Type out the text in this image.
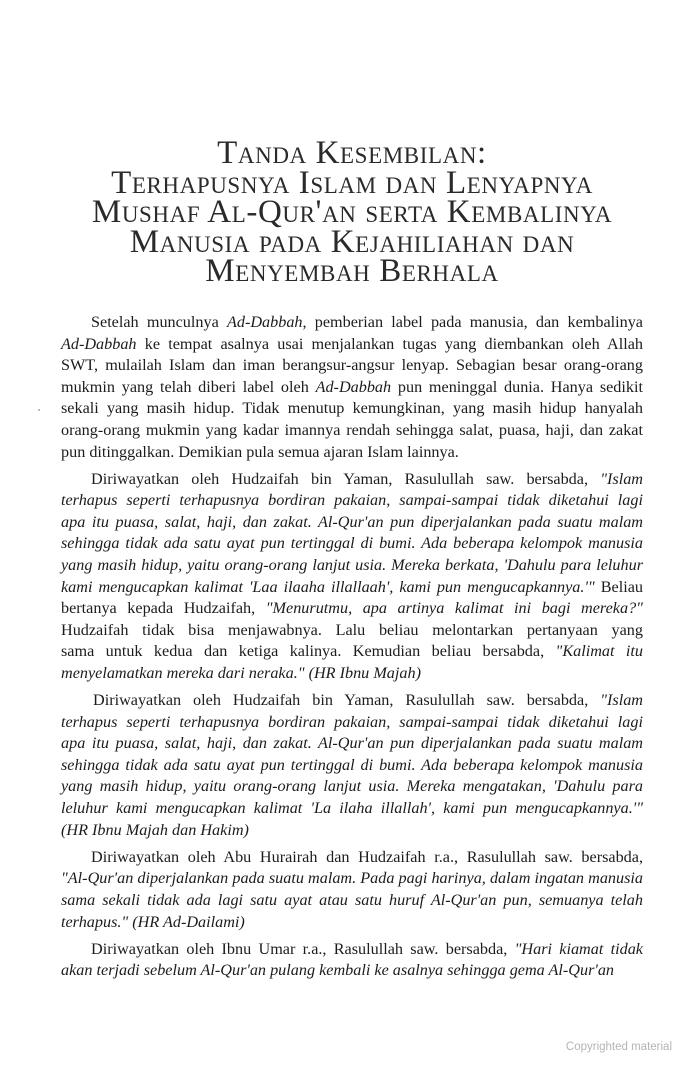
Tanda Kesembilan:
Terhapusnya Islam dan Lenyapnya
Mushaf Al-Qur'an serta Kembalinya
Manusia pada Kejahiliahan dan
Menyembah Berhala
Setelah munculnya Ad-Dabbah, pemberian label pada manusia, dan kembalinya
Ad-Dabbah ke tempat asalnya usai menjalankan tugas yang diembankan oleh Allah
SWT, mulailah Islam dan iman berangsur-angsur lenyap. Sebagian besar orang-orang
mukmin yang telah diberi label oleh Ad-Dabbah pun meninggal dunia. Hanya sedikit
sekali yang masih hidup. Tidak menutup kemungkinan, yang masih hidup hanyalah
orang-orang mukmin yang kadar imannya rendah sehingga salat, puasa, haji, dan zakat
pun ditinggalkan. Demikian pula semua ajaran Islam lainnya.
Diriwayatkan oleh Hudzaifah bin Yaman, Rasulullah saw. bersabda, "Islam
terhapus seperti terhapusnya bordiran pakaian, sampai-sampai tidak diketahui lagi
apa itu puasa, salat, haji, dan zakat. Al-Qur'an pun diperjalankan pada suatu malam
sehingga tidak ada satu ayat pun tertinggal di bumi. Ada beberapa kelompok manusia
yang masih hidup, yaitu orang-orang lanjut usia. Mereka berkata, 'Dahulu para leluhur
kami mengucapkan kalimat 'Laa ilaaha illallaah', kami pun mengucapkannya.'" Beliau
bertanya kepada Hudzaifah, "Menurutmu, apa artinya kalimat ini bagi mereka?"
Hudzaifah tidak bisa menjawabnya. Lalu beliau melontarkan pertanyaan yang
sama untuk kedua dan ketiga kalinya. Kemudian beliau bersabda, "Kalimat itu
menyelamatkan mereka dari neraka." (HR Ibnu Majah)
Diriwayatkan oleh Hudzaifah bin Yaman, Rasulullah saw. bersabda, "Islam
terhapus seperti terhapusnya bordiran pakaian, sampai-sampai tidak diketahui lagi
apa itu puasa, salat, haji, dan zakat. Al-Qur'an pun diperjalankan pada suatu malam
sehingga tidak ada satu ayat pun tertinggal di bumi. Ada beberapa kelompok manusia
yang masih hidup, yaitu orang-orang lanjut usia. Mereka mengatakan, 'Dahulu para
leluhur kami mengucapkan kalimat 'La ilaha illallah', kami pun mengucapkannya.'"
(HR Ibnu Majah dan Hakim)
Diriwayatkan oleh Abu Hurairah dan Hudzaifah r.a., Rasulullah saw. bersabda,
"Al-Qur'an diperjalankan pada suatu malam. Pada pagi harinya, dalam ingatan manusia
sama sekali tidak ada lagi satu ayat atau satu huruf Al-Qur'an pun, semuanya telah
terhapus." (HR Ad-Dailami)
Diriwayatkan oleh Ibnu Umar r.a., Rasulullah saw. bersabda, "Hari kiamat tidak
akan terjadi sebelum Al-Qur'an pulang kembali ke asalnya sehingga gema Al-Qur'an
Copyrighted material
